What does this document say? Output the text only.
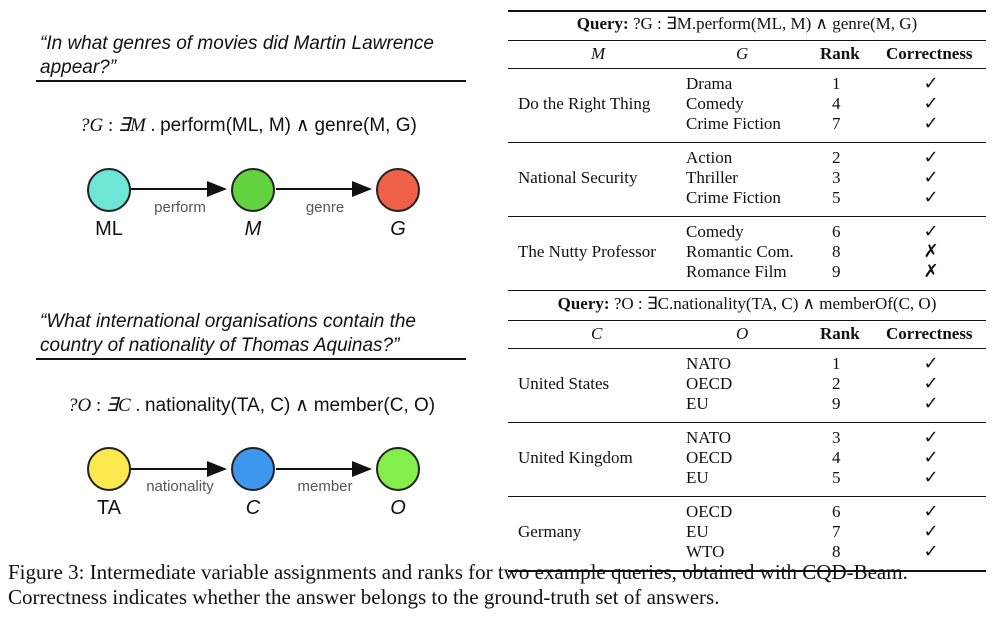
“In what genres of movies did Martin Lawrence appear?”
?G : ∃M . perform(ML, M) ∧ genre(M, G)
perform	genre
ML	M	G
“What international organisations contain the country of nationality of Thomas Aquinas?”
?O : ∃C . nationality(TA, C) ∧ member(C, O)
nationality	member
TA	C	O
Query: ?G : ∃M.perform(ML, M) ∧ genre(M, G)
M	G	Rank Correctness
Do the Right Thing
Drama	1	✓
Comedy	4	✓
Crime Fiction	7	✓
National Security
Action	2	✓
Thriller	3	✓
Crime Fiction	5	✓
The Nutty Professor
Comedy	6	✓
Romantic Com. 8	✗
Romance Film	9	✗
Query: ?O : ∃C.nationality(TA, C) ∧ memberOf(C, O)
C	O	Rank Correctness
United States
NATO	1	✓
OECD	2	✓
EU	9	✓
United Kingdom
NATO	3	✓
OECD	4	✓
EU	5	✓
Germany
OECD	6	✓
EU	7	✓
WTO	8	✓
Figure 3: Intermediate variable assignments and ranks for two example queries, obtained with CQD-Beam. Correctness indicates whether the answer belongs to the ground-truth set of answers.
